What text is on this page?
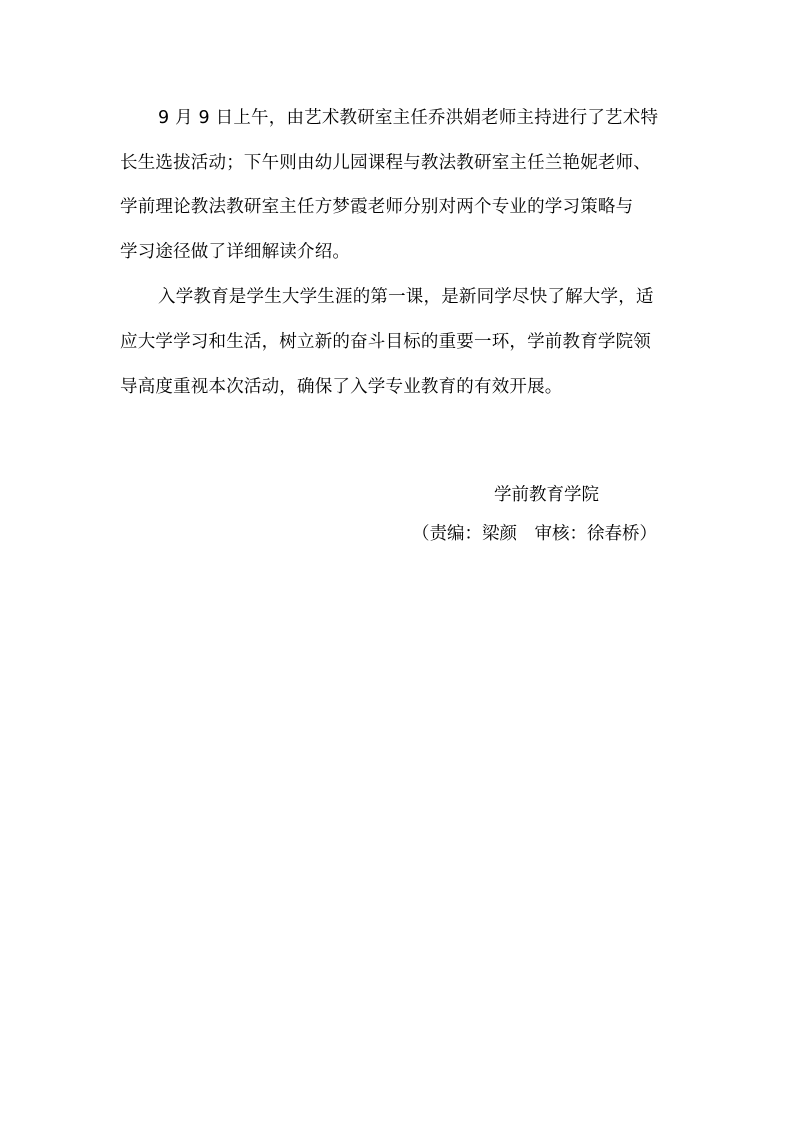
9 月 9 日上午，由艺术教研室主任乔洪娟老师主持进行了艺术特
长生选拔活动；下午则由幼儿园课程与教法教研室主任兰艳妮老师、
学前理论教法教研室主任方梦霞老师分别对两个专业的学习策略与
学习途径做了详细解读介绍。
入学教育是学生大学生涯的第一课，是新同学尽快了解大学，适
应大学学习和生活，树立新的奋斗目标的重要一环，学前教育学院领
导高度重视本次活动，确保了入学专业教育的有效开展。
学前教育学院
（责编：梁颜　审核：徐春桥）
